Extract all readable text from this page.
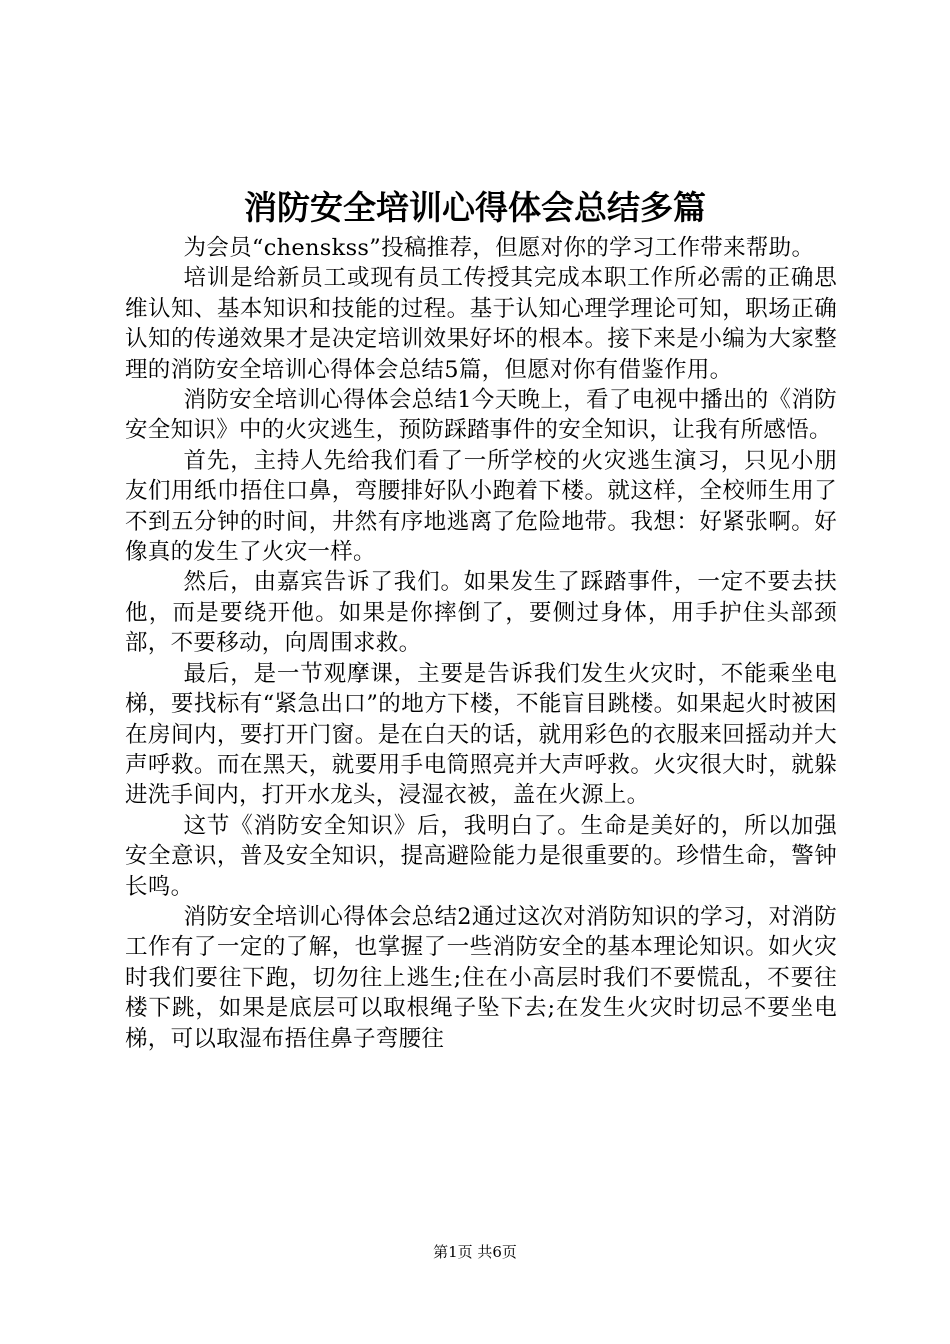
消防安全培训心得体会总结多篇

为会员“chenskss”投稿推荐，但愿对你的学习工作带来帮助。

培训是给新员工或现有员工传授其完成本职工作所必需的正确思维认知、基本知识和技能的过程。基于认知心理学理论可知，职场正确认知的传递效果才是决定培训效果好坏的根本。接下来是小编为大家整理的消防安全培训心得体会总结5篇，但愿对你有借鉴作用。

消防安全培训心得体会总结1今天晚上，看了电视中播出的《消防安全知识》中的火灾逃生，预防踩踏事件的安全知识，让我有所感悟。

首先，主持人先给我们看了一所学校的火灾逃生演习，只见小朋友们用纸巾捂住口鼻，弯腰排好队小跑着下楼。就这样，全校师生用了不到五分钟的时间，井然有序地逃离了危险地带。我想：好紧张啊。好像真的发生了火灾一样。

然后，由嘉宾告诉了我们。如果发生了踩踏事件，一定不要去扶他，而是要绕开他。如果是你摔倒了，要侧过身体，用手护住头部颈部，不要移动，向周围求救。

最后，是一节观摩课，主要是告诉我们发生火灾时，不能乘坐电梯，要找标有“紧急出口”的地方下楼，不能盲目跳楼。如果起火时被困在房间内，要打开门窗。是在白天的话，就用彩色的衣服来回摇动并大声呼救。而在黑天，就要用手电筒照亮并大声呼救。火灾很大时，就躲进洗手间内，打开水龙头，浸湿衣被，盖在火源上。

这节《消防安全知识》后，我明白了。生命是美好的，所以加强安全意识，普及安全知识，提高避险能力是很重要的。珍惜生命，警钟长鸣。

消防安全培训心得体会总结2通过这次对消防知识的学习，对消防工作有了一定的了解，也掌握了一些消防安全的基本理论知识。如火灾时我们要往下跑，切勿往上逃生;住在小高层时我们不要慌乱，不要往楼下跳，如果是底层可以取根绳子坠下去;在发生火灾时切忌不要坐电梯，可以取湿布捂住鼻子弯腰往

第1页 共6页
